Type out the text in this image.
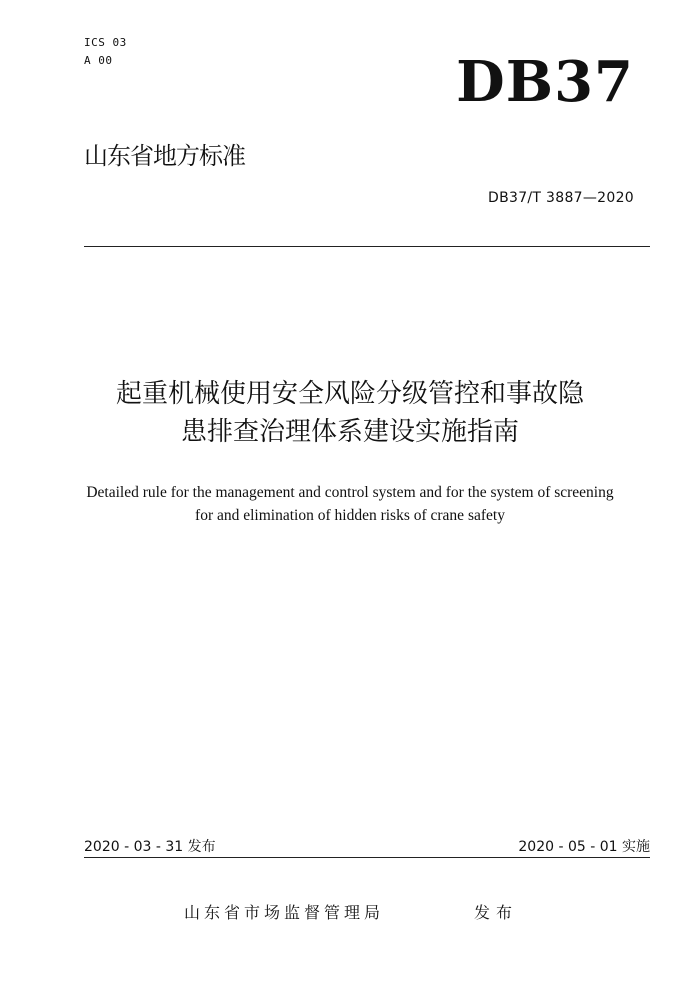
ICS 03
A 00	DB37
山东省地方标准
DB37/T 3887—2020
起重机械使用安全风险分级管控和事故隐
患排查治理体系建设实施指南
Detailed rule for the management and control system and for the system of screening
for and elimination of hidden risks of crane safety
2020 - 03 - 31 发布	2020 - 05 - 01 实施
山东省市场监督管理局	发布
